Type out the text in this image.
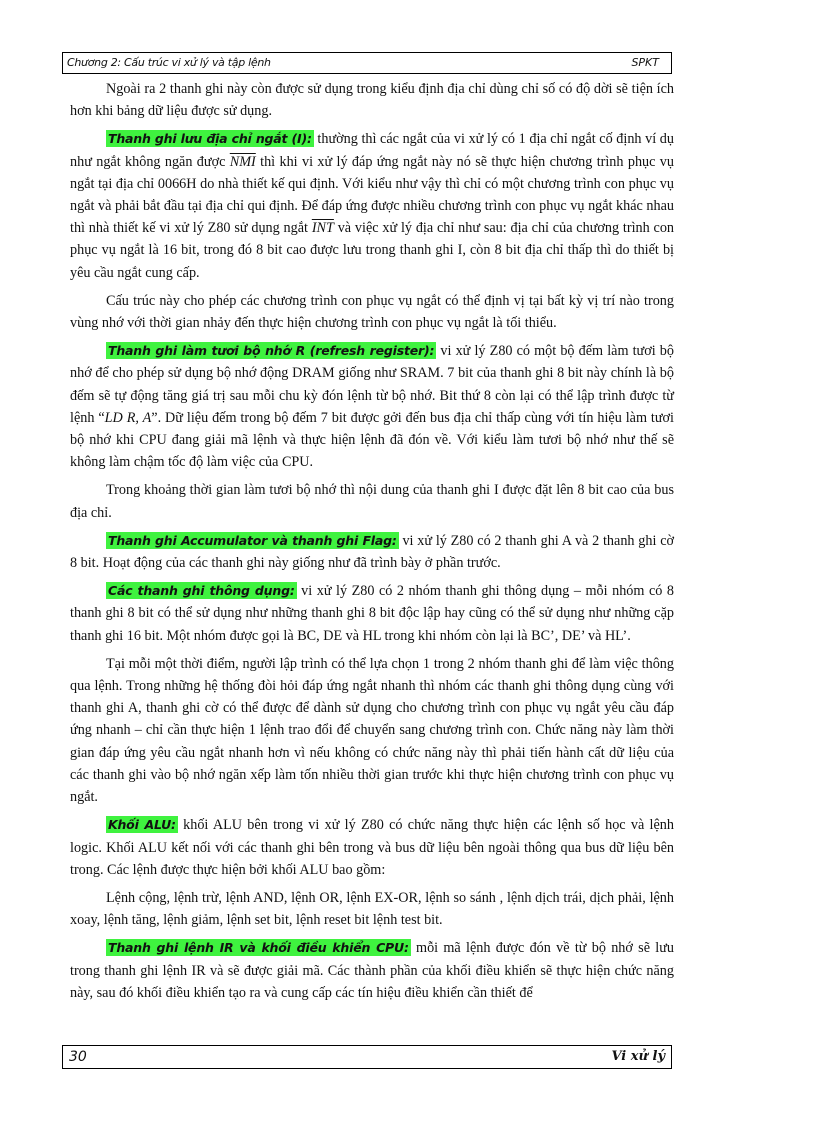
Chương 2: Cấu trúc vi xử lý và tập lệnh	SPKT

Ngoài ra 2 thanh ghi này còn được sử dụng trong kiểu định địa chỉ dùng chỉ số có độ dời sẽ tiện ích hơn khi bảng dữ liệu được sử dụng.

Thanh ghi lưu địa chỉ ngắt (I): thường thì các ngắt của vi xử lý có 1 địa chỉ ngắt cố định ví dụ như ngắt không ngăn được $\overline{NMI}$ thì khi vi xử lý đáp ứng ngắt này nó sẽ thực hiện chương trình phục vụ ngắt tại địa chỉ 0066H do nhà thiết kế qui định. Với kiểu như vậy thì chỉ có một chương trình con phục vụ ngắt và phải bắt đầu tại địa chỉ qui định. Để đáp ứng được nhiều chương trình con phục vụ ngắt khác nhau thì nhà thiết kế vi xử lý Z80 sử dụng ngắt $\overline{INT}$ và việc xử lý địa chỉ như sau: địa chỉ của chương trình con phục vụ ngắt là 16 bit, trong đó 8 bit cao được lưu trong thanh ghi I, còn 8 bit địa chỉ thấp thì do thiết bị yêu cầu ngắt cung cấp.

Cấu trúc này cho phép các chương trình con phục vụ ngắt có thể định vị tại bất kỳ vị trí nào trong vùng nhớ với thời gian nhảy đến thực hiện chương trình con phục vụ ngắt là tối thiểu.

Thanh ghi làm tươi bộ nhớ R (refresh register): vi xử lý Z80 có một bộ đếm làm tươi bộ nhớ để cho phép sử dụng bộ nhớ động DRAM giống như SRAM. 7 bit của thanh ghi 8 bit này chính là bộ đếm sẽ tự động tăng giá trị sau mỗi chu kỳ đón lệnh từ bộ nhớ. Bit thứ 8 còn lại có thể lập trình được từ lệnh “LD R, A”. Dữ liệu đếm trong bộ đếm 7 bit được gởi đến bus địa chỉ thấp cùng với tín hiệu làm tươi bộ nhớ khi CPU đang giải mã lệnh và thực hiện lệnh đã đón về. Với kiểu làm tươi bộ nhớ như thế sẽ không làm chậm tốc độ làm việc của CPU.

Trong khoảng thời gian làm tươi bộ nhớ thì nội dung của thanh ghi I được đặt lên 8 bit cao của bus địa chỉ.

Thanh ghi Accumulator và thanh ghi Flag: vi xử lý Z80 có 2 thanh ghi A và 2 thanh ghi cờ 8 bit. Hoạt động của các thanh ghi này giống như đã trình bày ở phần trước.

Các thanh ghi thông dụng: vi xử lý Z80 có 2 nhóm thanh ghi thông dụng – mỗi nhóm có 8 thanh ghi 8 bit có thể sử dụng như những thanh ghi 8 bit độc lập hay cũng có thể sử dụng như những cặp thanh ghi 16 bit. Một nhóm được gọi là BC, DE và HL trong khi nhóm còn lại là BC’, DE’ và HL’.

Tại mỗi một thời điểm, người lập trình có thể lựa chọn 1 trong 2 nhóm thanh ghi để làm việc thông qua lệnh. Trong những hệ thống đòi hỏi đáp ứng ngắt nhanh thì nhóm các thanh ghi thông dụng cùng với thanh ghi A, thanh ghi cờ có thể được để dành sử dụng cho chương trình con phục vụ ngắt yêu cầu đáp ứng nhanh – chỉ cần thực hiện 1 lệnh trao đổi để chuyển sang chương trình con. Chức năng này làm thời gian đáp ứng yêu cầu ngắt nhanh hơn vì nếu không có chức năng này thì phải tiến hành cất dữ liệu của các thanh ghi vào bộ nhớ ngăn xếp làm tốn nhiều thời gian trước khi thực hiện chương trình con phục vụ ngắt.

Khối ALU: khối ALU bên trong vi xử lý Z80 có chức năng thực hiện các lệnh số học và lệnh logic. Khối ALU kết nối với các thanh ghi bên trong và bus dữ liệu bên ngoài thông qua bus dữ liệu bên trong. Các lệnh được thực hiện bởi khối ALU bao gồm:

Lệnh cộng, lệnh trừ, lệnh AND, lệnh OR, lệnh EX-OR, lệnh so sánh , lệnh dịch trái, dịch phải, lệnh xoay, lệnh tăng, lệnh giảm, lệnh set bit, lệnh reset bit lệnh test bit.

Thanh ghi lệnh IR và khối điều khiển CPU: mỗi mã lệnh được đón về từ bộ nhớ sẽ lưu trong thanh ghi lệnh IR và sẽ được giải mã. Các thành phần của khối điều khiển sẽ thực hiện chức năng này, sau đó khối điều khiển tạo ra và cung cấp các tín hiệu điều khiển cần thiết để

30	Vi xử lý
